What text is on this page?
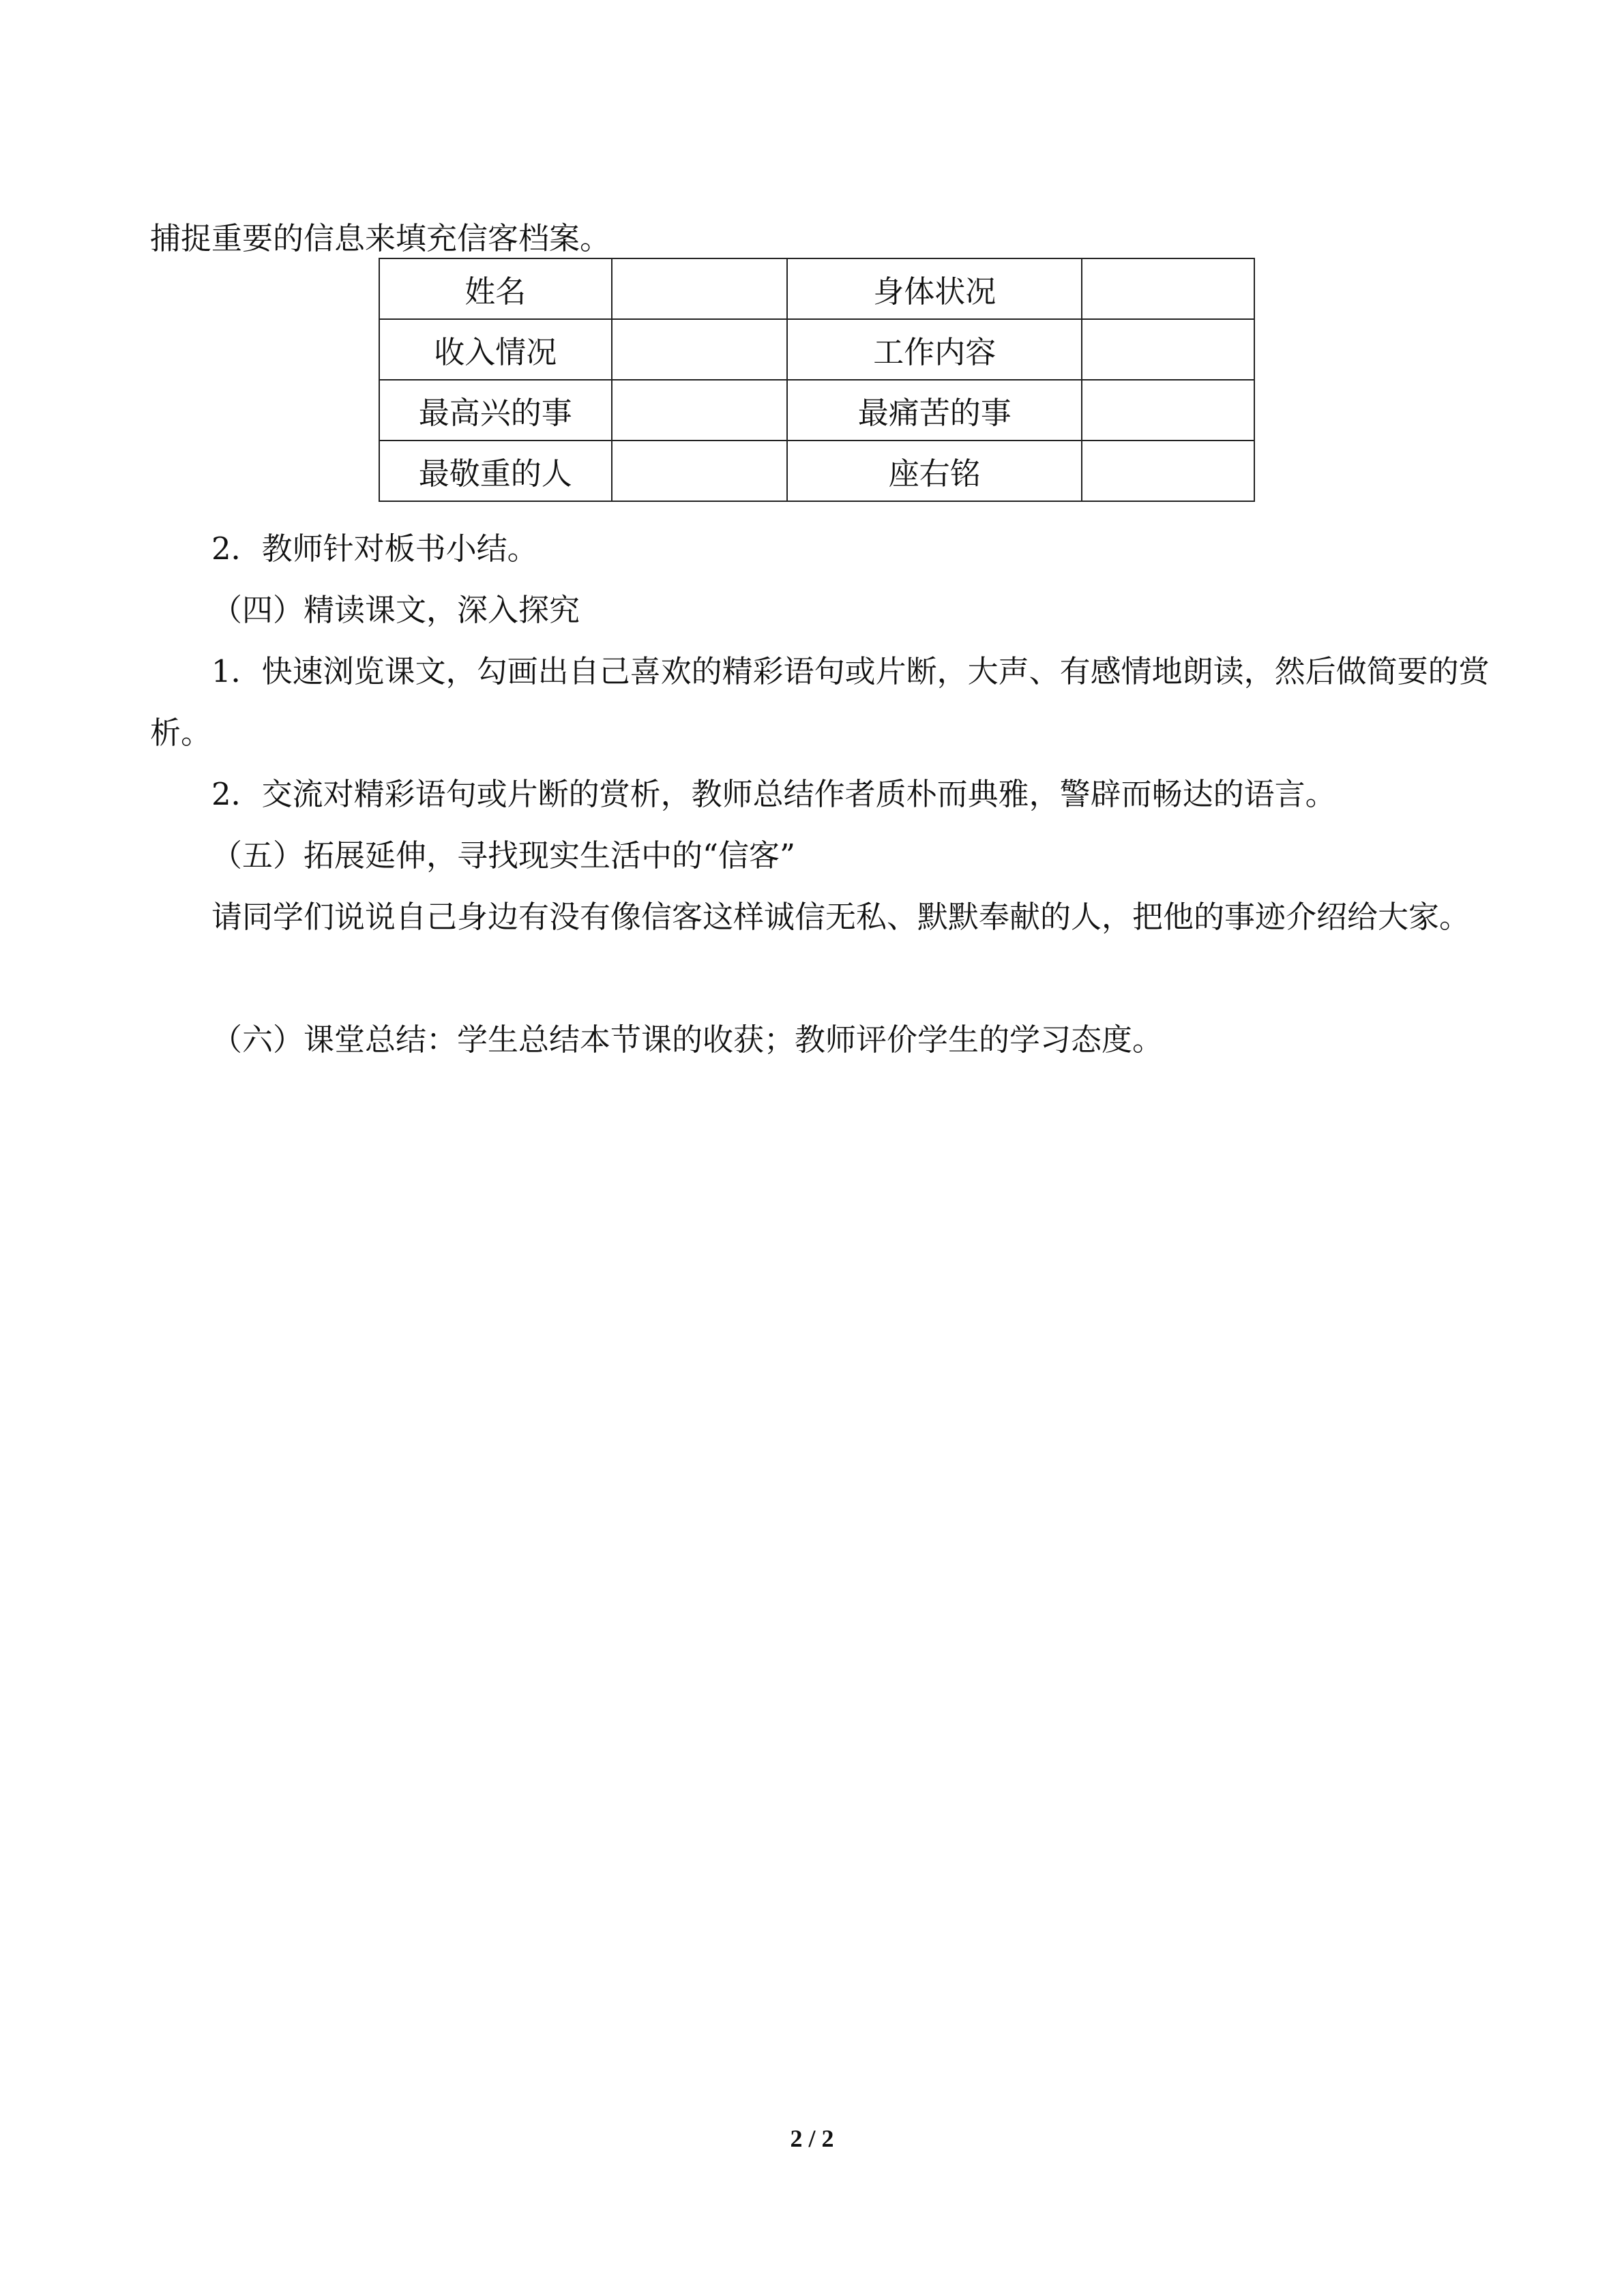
捕捉重要的信息来填充信客档案。

姓名		身体状况	
收入情况		工作内容	
最高兴的事		最痛苦的事	
最敬重的人		座右铭	

2．教师针对板书小结。

（四）精读课文，深入探究

1．快速浏览课文，勾画出自己喜欢的精彩语句或片断，大声、有感情地朗读，然后做简要的赏析。

2．交流对精彩语句或片断的赏析，教师总结作者质朴而典雅，警辟而畅达的语言。

（五）拓展延伸，寻找现实生活中的“信客”

请同学们说说自己身边有没有像信客这样诚信无私、默默奉献的人，把他的事迹介绍给大家。

（六）课堂总结：学生总结本节课的收获；教师评价学生的学习态度。

2 / 2
